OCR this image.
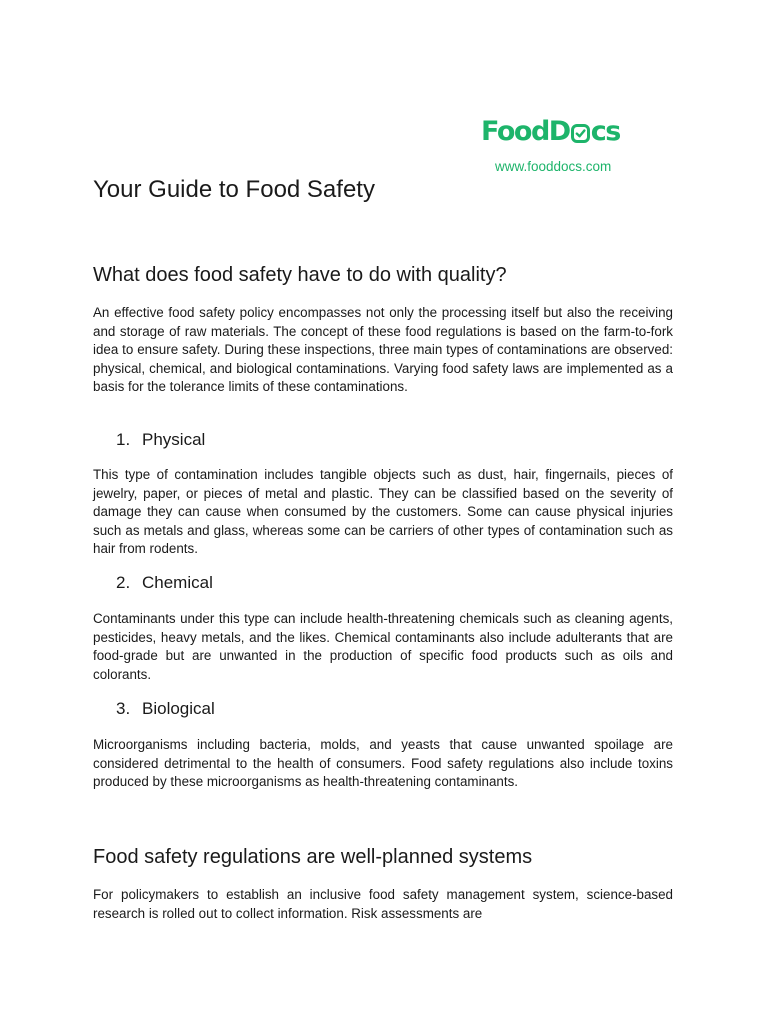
FoodD cs
www.fooddocs.com
Your Guide to Food Safety
What does food safety have to do with quality?

An effective food safety policy encompasses not only the processing itself but also the receiving and storage of raw materials. The concept of these food regulations is based on the farm-to-fork idea to ensure safety. During these inspections, three main types of contaminations are observed: physical, chemical, and biological contaminations. Varying food safety laws are implemented as a basis for the tolerance limits of these contaminations.

1. Physical

This type of contamination includes tangible objects such as dust, hair, fingernails, pieces of jewelry, paper, or pieces of metal and plastic. They can be classified based on the severity of damage they can cause when consumed by the customers. Some can cause physical injuries such as metals and glass, whereas some can be carriers of other types of contamination such as hair from rodents.

2. Chemical

Contaminants under this type can include health-threatening chemicals such as cleaning agents, pesticides, heavy metals, and the likes. Chemical contaminants also include adulterants that are food-grade but are unwanted in the production of specific food products such as oils and colorants.

3. Biological

Microorganisms including bacteria, molds, and yeasts that cause unwanted spoilage are considered detrimental to the health of consumers. Food safety regulations also include toxins produced by these microorganisms as health-threatening contaminants.

Food safety regulations are well-planned systems

For policymakers to establish an inclusive food safety management system, science-based research is rolled out to collect information. Risk assessments are
